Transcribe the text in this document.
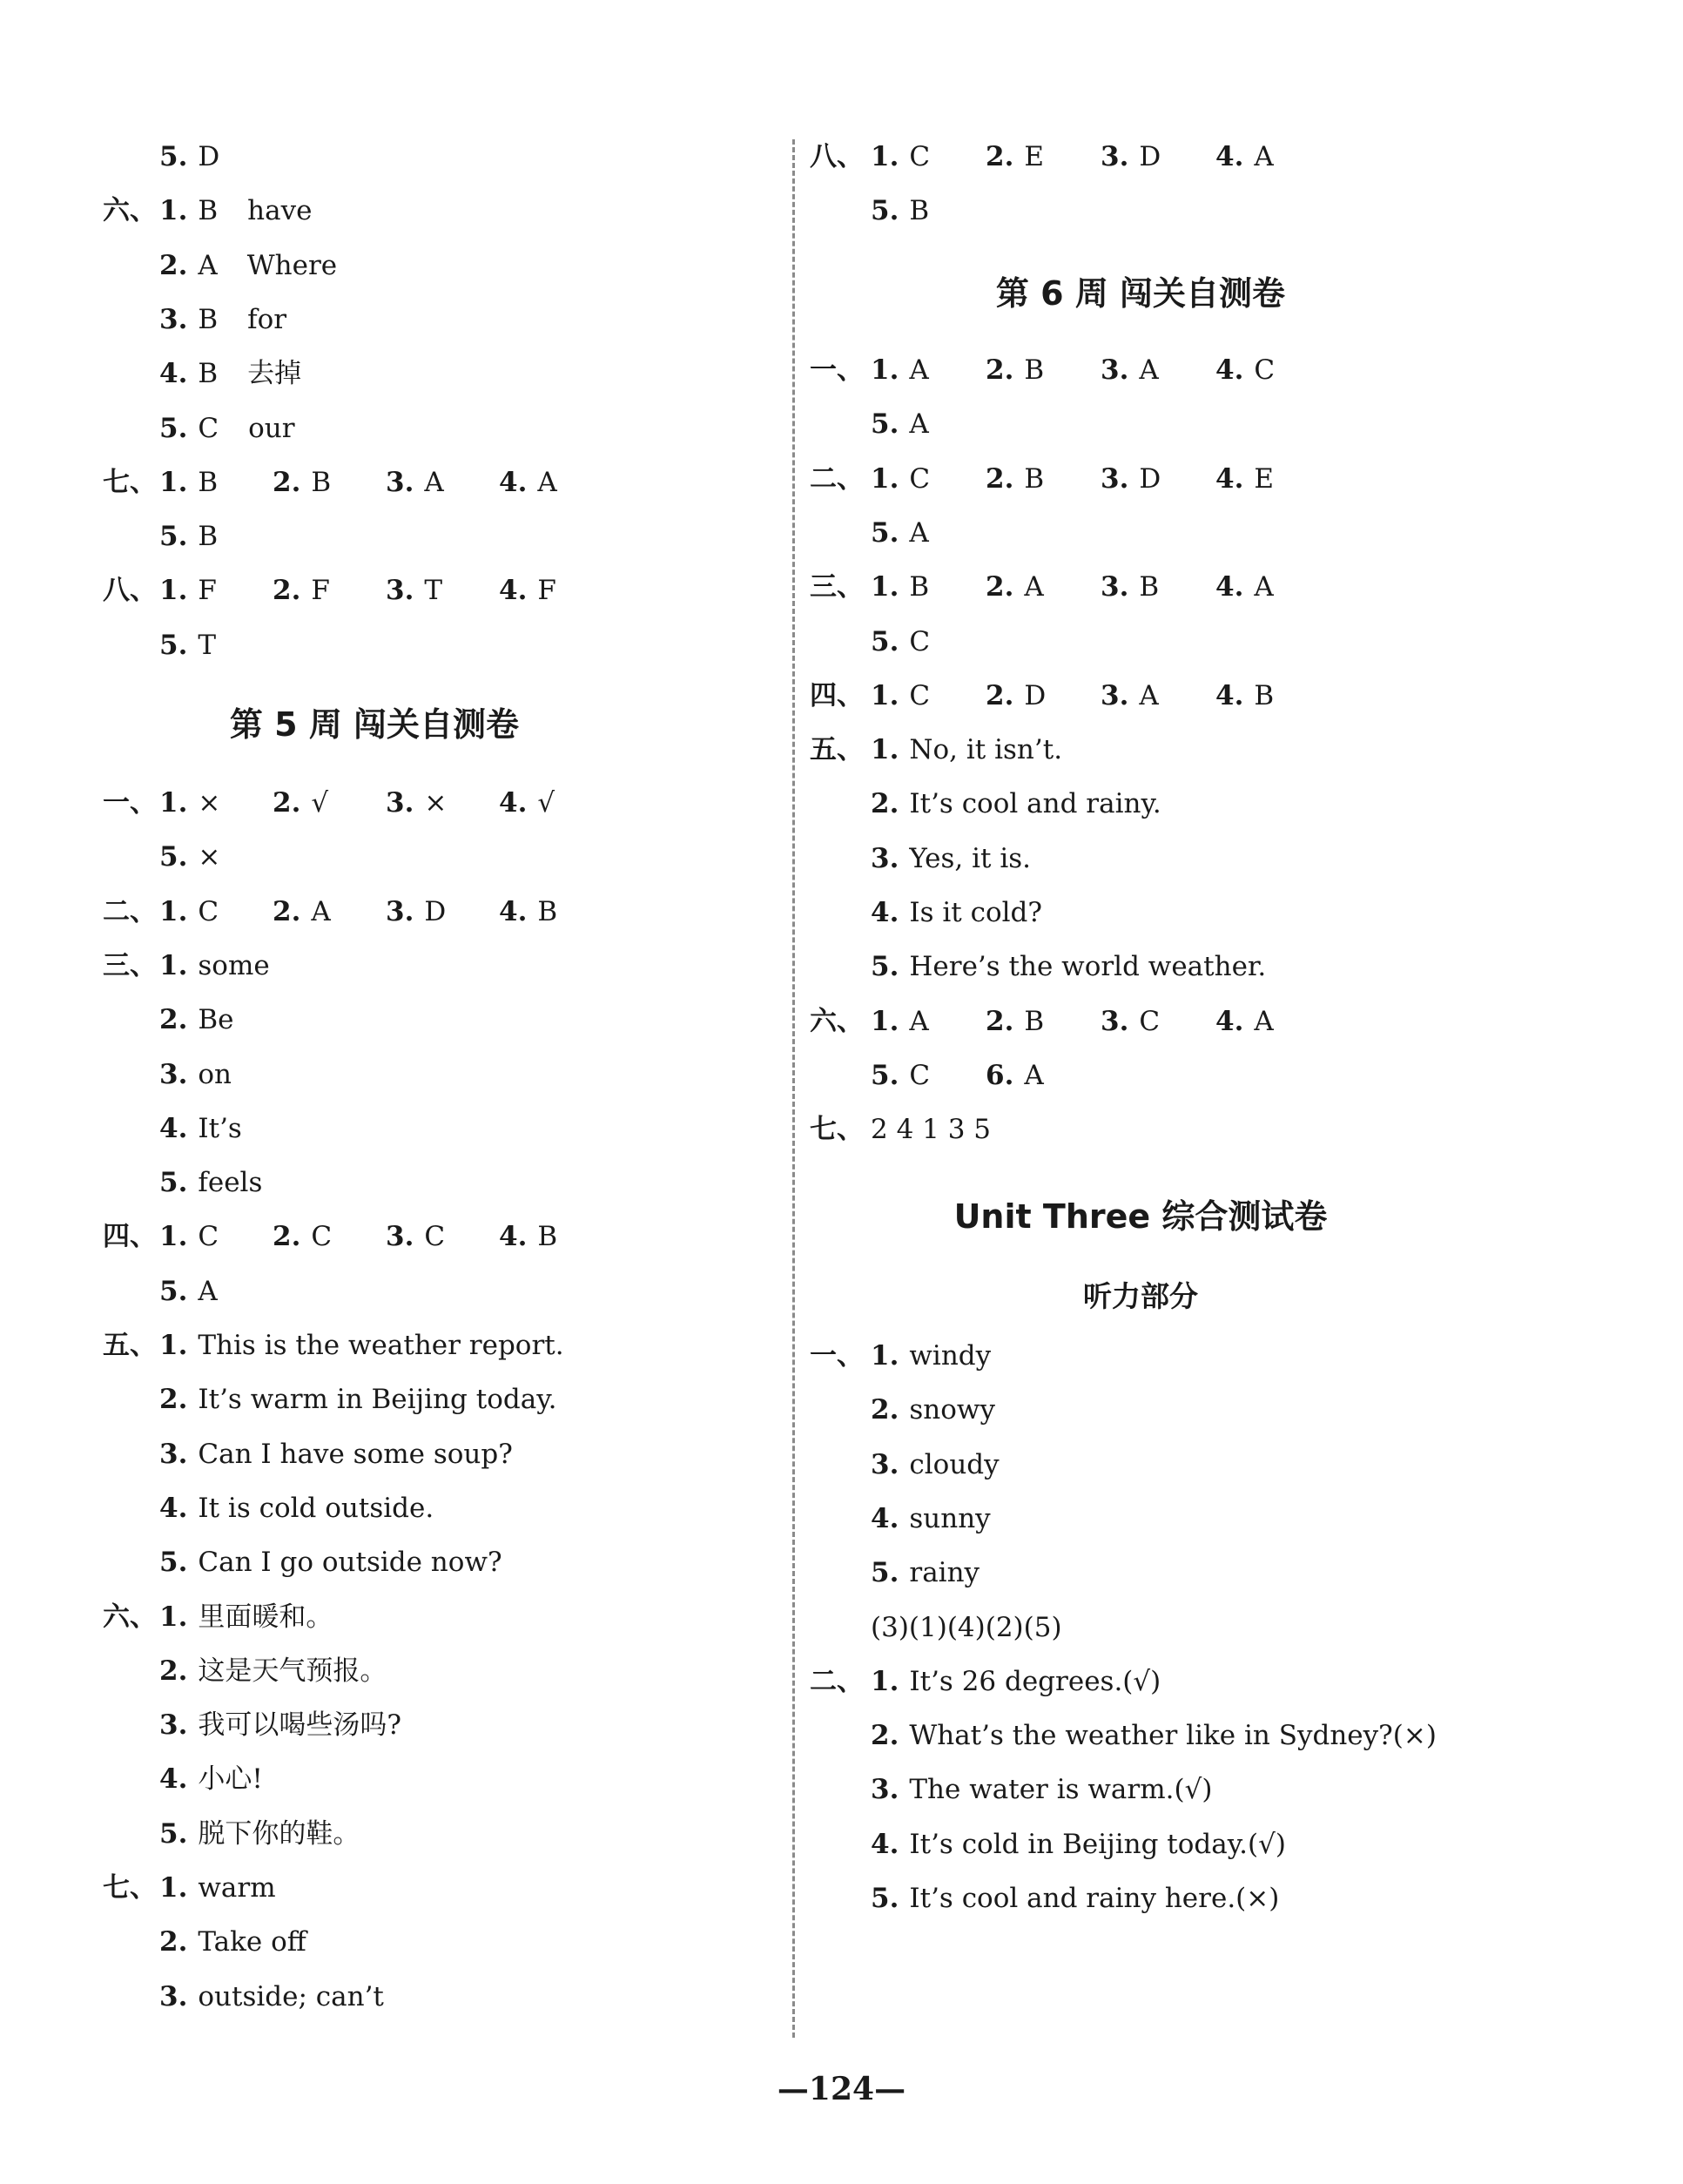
5. D
六、 1. B have
2. A Where
3. B for
4. B 去掉
5. C our
七、 1. B 2. B 3. A 4. A
5. B
八、 1. F 2. F 3. T 4. F
5. T
第 5 周 闯关自测卷
一、 1. × 2. √ 3. × 4. √
5. ×
二、 1. C 2. A 3. D 4. B
三、 1. some
2. Be
3. on
4. It’s
5. feels
四、 1. C 2. C 3. C 4. B
5. A
五、 1. This is the weather report.
2. It’s warm in Beijing today.
3. Can I have some soup?
4. It is cold outside.
5. Can I go outside now?
六、 1. 里面暖和。
2. 这是天气预报。
3. 我可以喝些汤吗?
4. 小心!
5. 脱下你的鞋。
七、 1. warm
2. Take off
3. outside; can’t
八、 1. C 2. E 3. D 4. A
5. B
第 6 周 闯关自测卷
一、 1. A 2. B 3. A 4. C
5. A
二、 1. C 2. B 3. D 4. E
5. A
三、 1. B 2. A 3. B 4. A
5. C
四、 1. C 2. D 3. A 4. B
五、 1. No, it isn’t.
2. It’s cool and rainy.
3. Yes, it is.
4. Is it cold?
5. Here’s the world weather.
六、 1. A 2. B 3. C 4. A
5. C 6. A
七、 2 4 1 3 5
Unit Three 综合测试卷
听力部分
一、 1. windy
2. snowy
3. cloudy
4. sunny
5. rainy
(3)(1)(4)(2)(5)
二、 1. It’s 26 degrees.(√)
2. What’s the weather like in Sydney?(×)
3. The water is warm.(√)
4. It’s cold in Beijing today.(√)
5. It’s cool and rainy here.(×)
—124—
